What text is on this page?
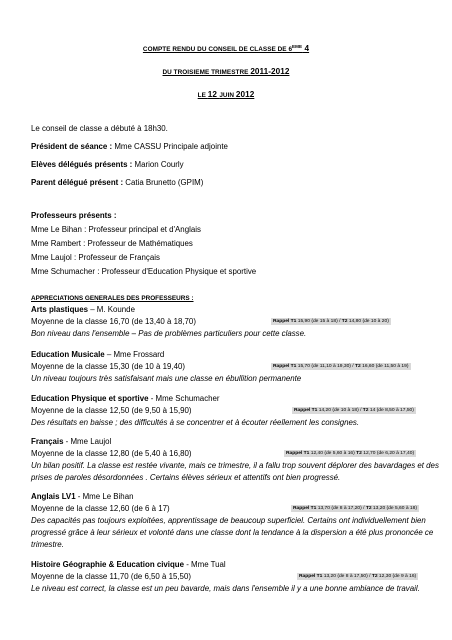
COMPTE RENDU DU CONSEIL DE CLASSE DE 6EME 4
DU TROISIEME TRIMESTRE 2011-2012
LE 12 JUIN 2012
Le conseil de classe a débuté à 18h30.
Président de séance : Mme CASSU Principale adjointe
Elèves délégués présents : Marion Courly
Parent délégué présent : Catia Brunetto (GPIM)
Professeurs présents :
Mme Le Bihan : Professeur principal et d'Anglais
Mme Rambert : Professeur de Mathématiques
Mme Laujol : Professeur de Français
Mme Schumacher : Professeur d'Education Physique et sportive
APPRECIATIONS GENERALES DES PROFESSEURS :
Arts plastiques – M. Kounde
Moyenne de la classe 16,70 (de 13,40 à 18,70)	Rappel T1 15,90 (de 15 à 18) / T2 14,80 (de 10 à 20)
Bon niveau dans l'ensemble – Pas de problèmes particuliers pour cette classe.
Education Musicale – Mme Frossard
Moyenne de la classe 15,30 (de 10 à 19,40)	Rappel T1 15,70 (de 11,10 à 19,30) / T2 16,60 (de 11,50 à 19)
Un niveau toujours très satisfaisant mais une classe en ébullition permanente
Education Physique et sportive - Mme Schumacher
Moyenne de la classe 12,50 (de 9,50 à 15,90)	Rappel T1 14,20 (de 10 à 18) / T2 14 (de 8,50 à 17,50)
Des résultats en baisse ; des difficultés à se concentrer et à écouter réellement les consignes.
Français - Mme Laujol
Moyenne de la classe 12,80 (de 5,40 à 16,80)	Rappel T1 12,40 (de 5,60 à 16) T2 12,70 (de 6,20 à 17,40)
Un bilan positif. La classe est restée vivante, mais ce trimestre, il a fallu trop souvent déplorer des bavardages et des
prises de paroles désordonnées . Certains élèves sérieux et attentifs ont bien progressé.
Anglais LV1 - Mme Le Bihan
Moyenne de la classe 12,60 (de 6 à 17)	Rappel T1 13,70 (de 8 à 17,20) / T2 13,20 (de 5,60 à 18)
Des capacités pas toujours exploitées, apprentissage de beaucoup superficiel. Certains ont individuellement bien
progressé grâce à leur sérieux et volonté dans une classe dont la tendance à la dispersion a été plus prononcée ce
trimestre.
Histoire Géographie & Education civique - Mme Tual
Moyenne de la classe 11,70 (de 6,50 à 15,50)	Rappel T1 13,20 (de 8 à 17,50) / T2 12,30 (de 9 à 16)
Le niveau est correct, la classe est un peu bavarde, mais dans l'ensemble il y a une bonne ambiance de travail.
